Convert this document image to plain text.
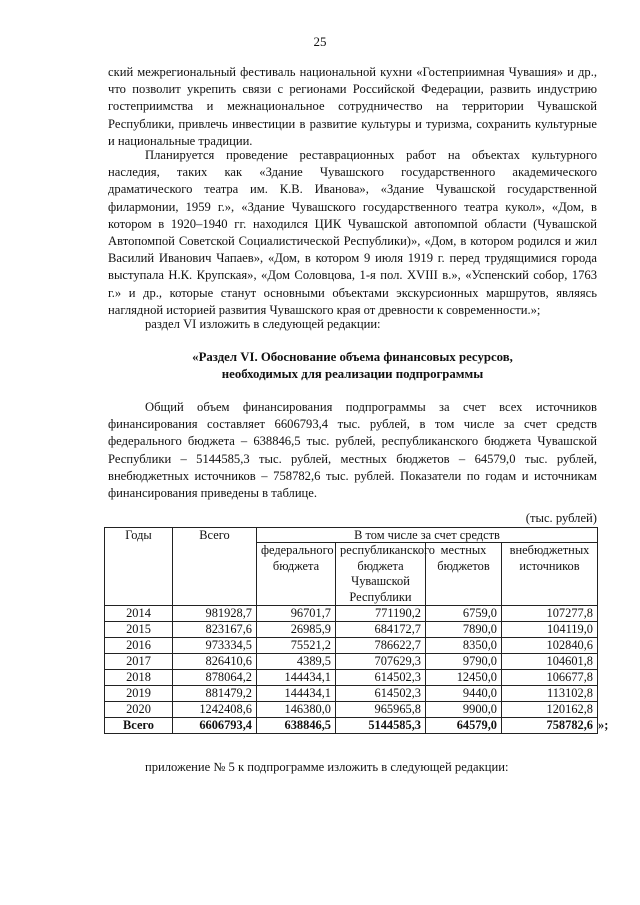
25

ский межрегиональный фестиваль национальной кухни «Гостеприимная Чувашия» и др., что позволит укрепить связи с регионами Российской Федерации, развить индустрию гостеприимства и межнациональное сотрудничество на территории Чувашской Республики, привлечь инвестиции в развитие культуры и туризма, сохранить культурные и национальные традиции.

Планируется проведение реставрационных работ на объектах культурного наследия, таких как «Здание Чувашского государственного академического драматического театра им. К.В. Иванова», «Здание Чувашской государственной филармонии, 1959 г.», «Здание Чувашского государственного театра кукол», «Дом, в котором в 1920–1940 гг. находился ЦИК Чувашской автопомпой области (Чувашской Автопомпой Советской Социалистической Республики)», «Дом, в котором родился и жил Василий Иванович Чапаев», «Дом, в котором 9 июля 1919 г. перед трудящимися города выступала Н.К. Крупская», «Дом Соловцова, 1-я пол. XVIII в.», «Успенский собор, 1763 г.» и др., которые станут основными объектами экскурсионных маршрутов, являясь наглядной историей развития Чувашского края от древности к современности.»;

раздел VI изложить в следующей редакции:

«Раздел VI. Обоснование объема финансовых ресурсов,
необходимых для реализации подпрограммы

Общий объем финансирования подпрограммы за счет всех источников финансирования составляет 6606793,4 тыс. рублей, в том числе за счет средств федерального бюджета – 638846,5 тыс. рублей, республиканского бюджета Чувашской Республики – 5144585,3 тыс. рублей, местных бюджетов – 64579,0 тыс. рублей, внебюджетных источников – 758782,6 тыс. рублей. Показатели по годам и источникам финансирования приведены в таблице.

(тыс. рублей)
Годы	Всего	В том числе за счет средств				
		федерального бюджета	республиканского бюджета Чувашской Республики	местных бюджетов	внебюджетных источников	
2014	981928,7	96701,7	771190,2	6759,0	107277,8	
2015	823167,6	26985,9	684172,7	7890,0	104119,0	
2016	973334,5	75521,2	786622,7	8350,0	102840,6	
2017	826410,6	4389,5	707629,3	9790,0	104601,8	
2018	878064,2	144434,1	614502,3	12450,0	106677,8	
2019	881479,2	144434,1	614502,3	9440,0	113102,8	
2020	1242408,6	146380,0	965965,8	9900,0	120162,8	
Всего	6606793,4	638846,5	5144585,3	64579,0	758782,6	»;

приложение № 5 к подпрограмме изложить в следующей редакции:
